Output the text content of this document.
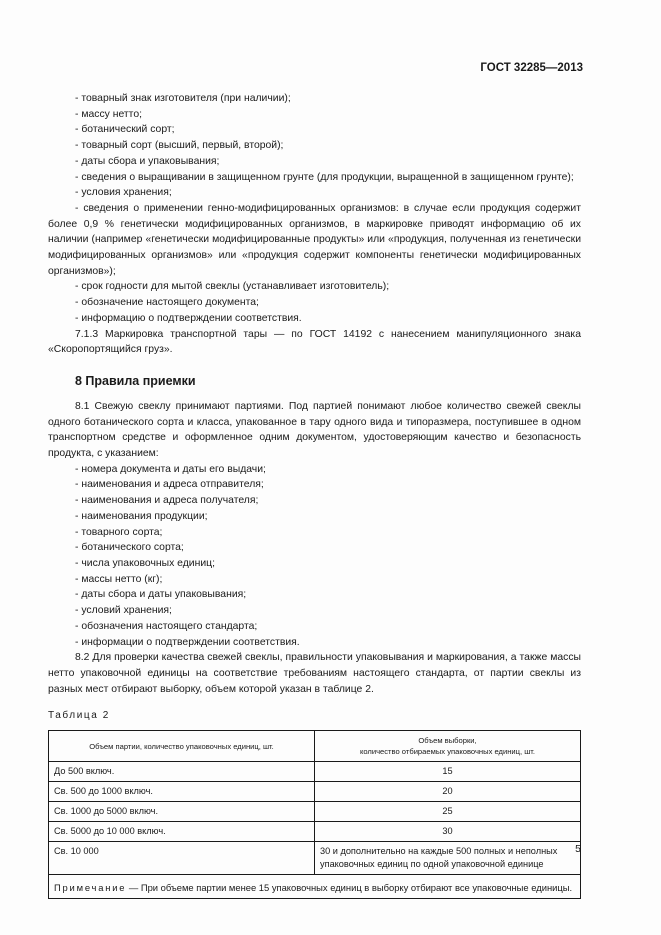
ГОСТ 32285—2013

- товарный знак изготовителя (при наличии);

- массу нетто;

- ботанический сорт;

- товарный сорт (высший, первый, второй);

- даты сбора и упаковывания;

- сведения о выращивании в защищенном грунте (для продукции, выращенной в защищенном грунте);

- условия хранения;

- сведения о применении генно-модифицированных организмов: в случае если продукция содержит более 0,9 % генетически модифицированных организмов, в маркировке приводят информацию об их наличии (например «генетически модифицированные продукты» или «продукция, полученная из генетически модифицированных организмов» или «продукция содержит компоненты генетически модифицированных организмов»);

- срок годности для мытой свеклы (устанавливает изготовитель);

- обозначение настоящего документа;

- информацию о подтверждении соответствия.

7.1.3 Маркировка транспортной тары — по ГОСТ 14192 с нанесением манипуляционного знака «Скоропортящийся груз».

8 Правила приемки

8.1 Свежую свеклу принимают партиями. Под партией понимают любое количество свежей свеклы одного ботанического сорта и класса, упакованное в тару одного вида и типоразмера, поступившее в одном транспортном средстве и оформленное одним документом, удостоверяющим качество и безопасность продукта, с указанием:

- номера документа и даты его выдачи;

- наименования и адреса отправителя;

- наименования и адреса получателя;

- наименования продукции;

- товарного сорта;

- ботанического сорта;

- числа упаковочных единиц;

- массы нетто (кг);

- даты сбора и даты упаковывания;

- условий хранения;

- обозначения настоящего стандарта;

- информации о подтверждении соответствия.

8.2 Для проверки качества свежей свеклы, правильности упаковывания и маркирования, а также массы нетто упаковочной единицы на соответствие требованиям настоящего стандарта, от партии свеклы из разных мест отбирают выборку, объем которой указан в таблице 2.

Таблица 2
Объем партии, количество упаковочных единиц, шт.	Объем выборки,
количество отбираемых упаковочных единиц, шт.
До 500 включ.	15
Св. 500 до 1000 включ.	20
Св. 1000 до 5000 включ.	25
Св. 5000 до 10 000 включ.	30
Св. 10 000	30 и дополнительно на каждые 500 полных и неполных упаковочных единиц по одной упаковочной единице
Примечание — При объеме партии менее 15 упаковочных единиц в выборку отбирают все упаковочные единицы.	
5
